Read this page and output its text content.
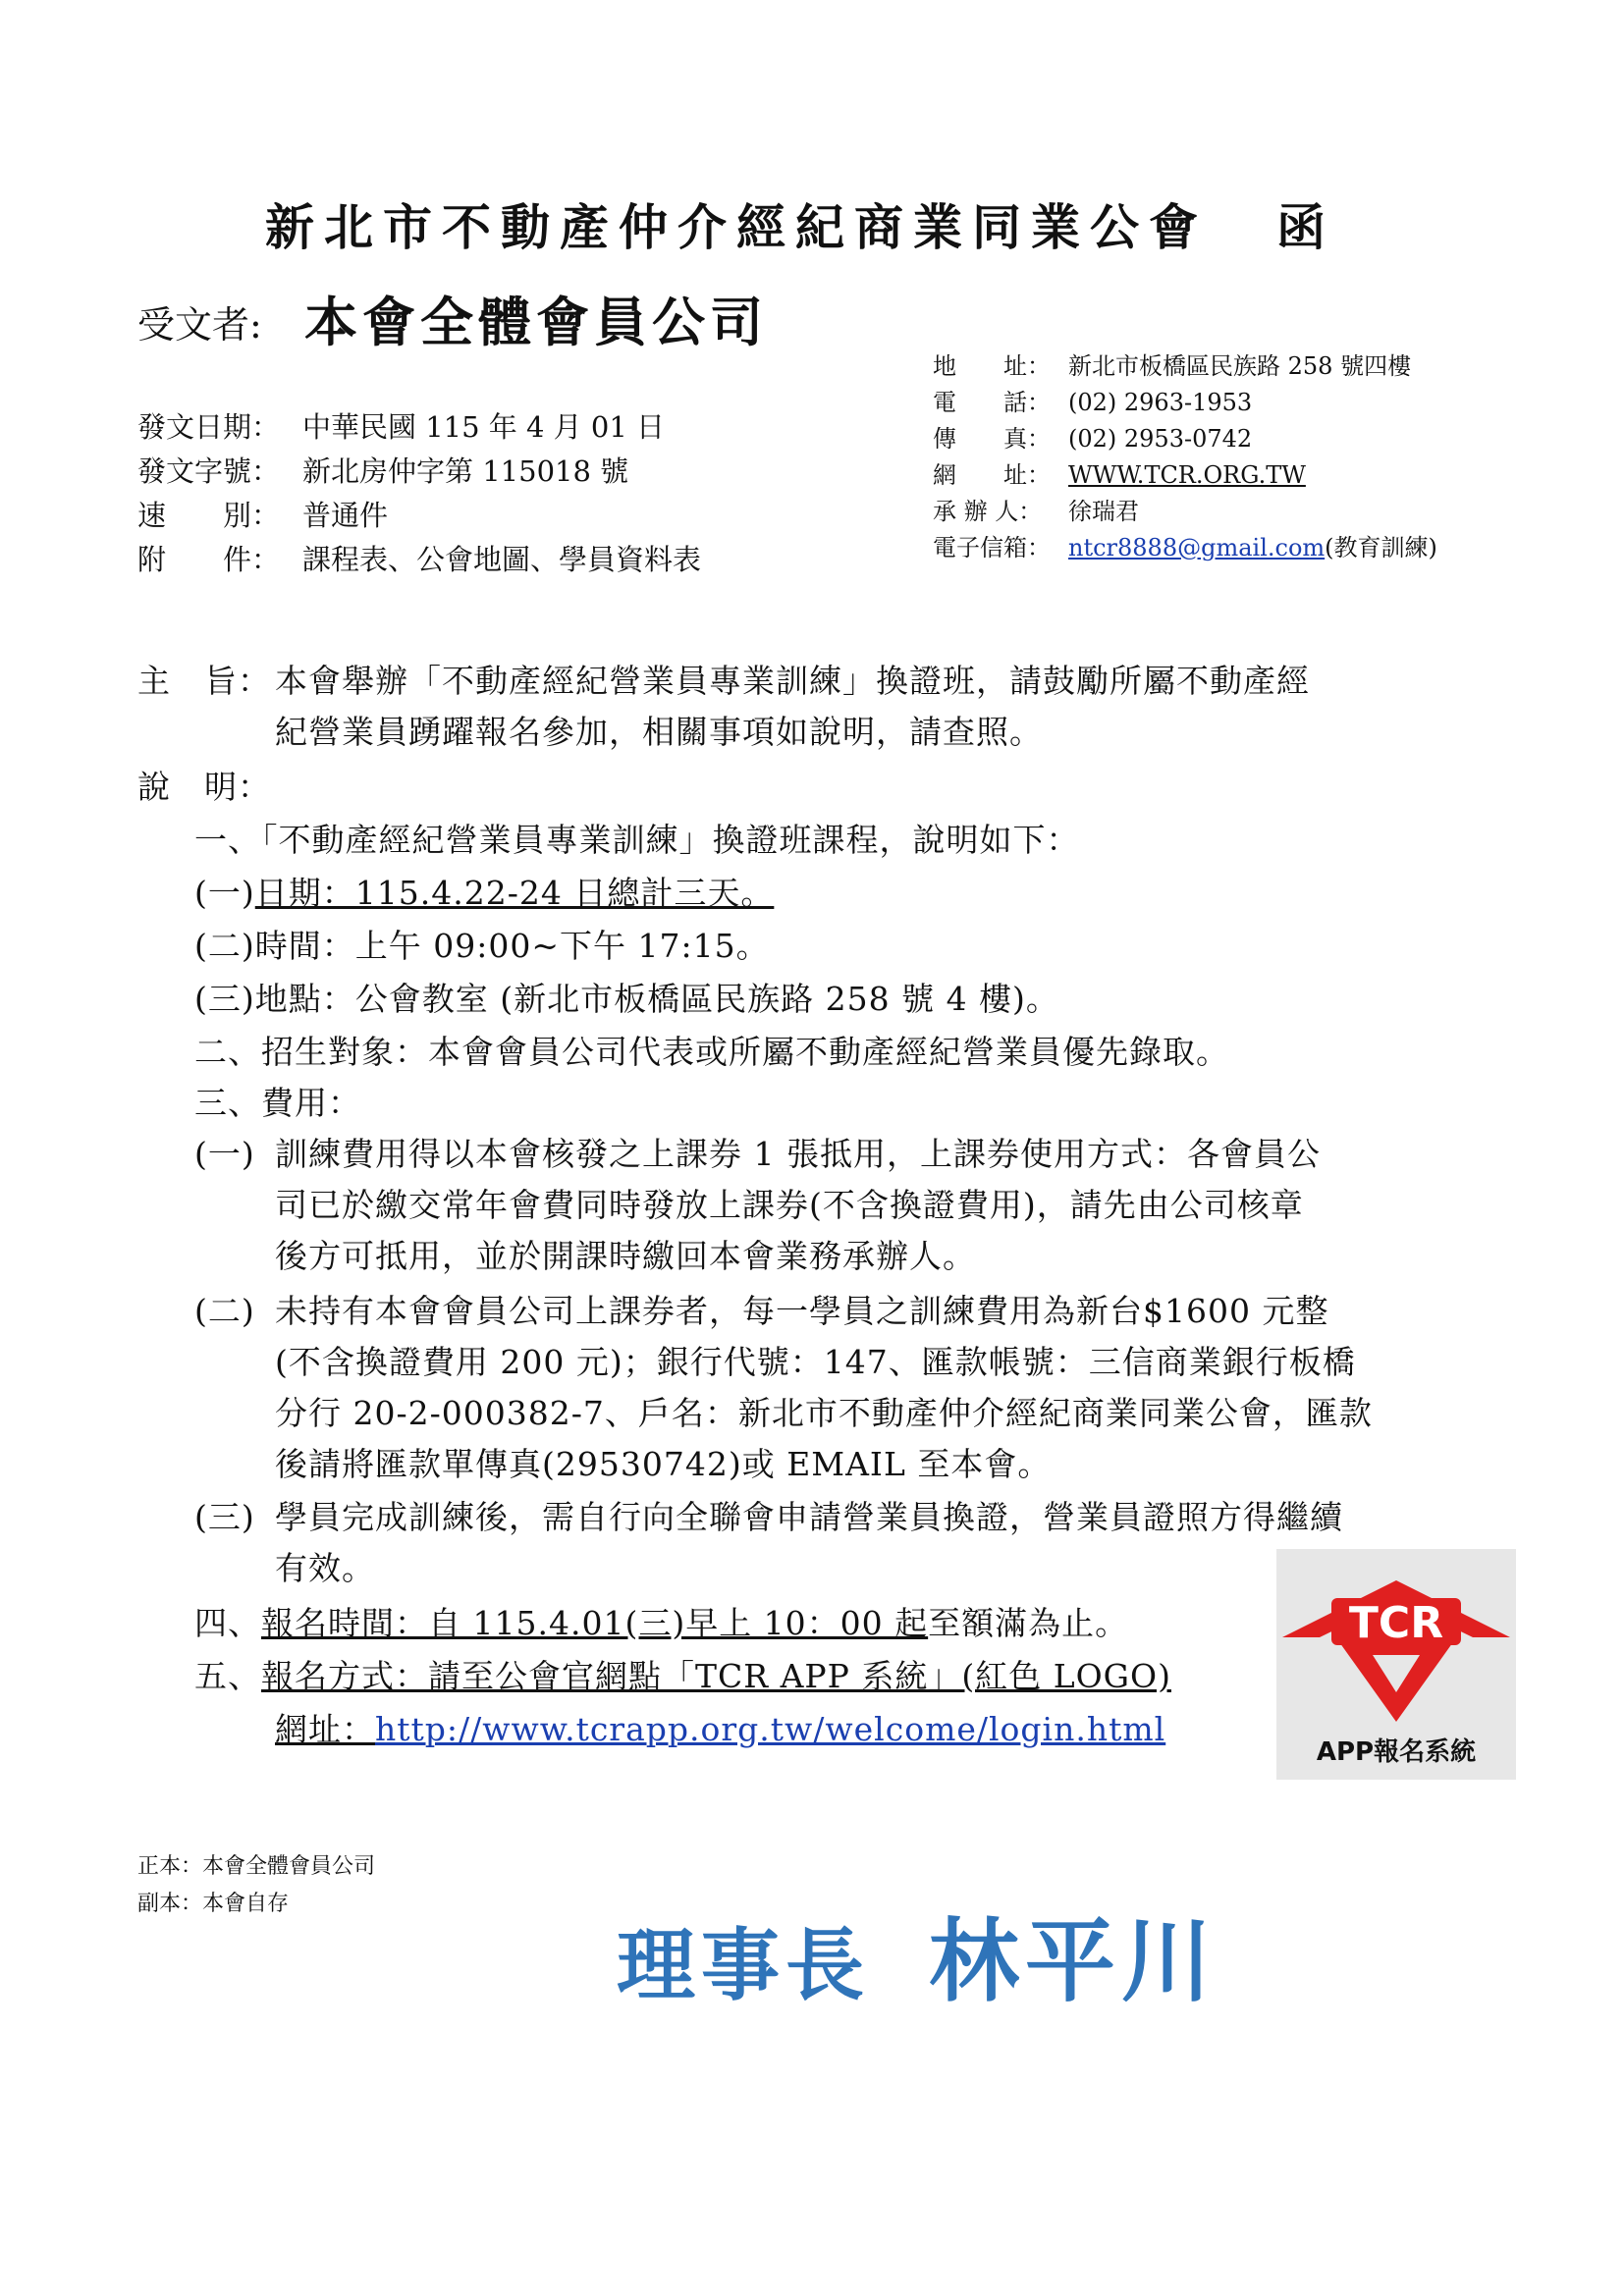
新北市不動產仲介經紀商業同業公會 函
受文者: 本會全體會員公司
地　　址： 新北市板橋區民族路 258 號四樓
電　　話： (02) 2963-1953
傳　　真： (02) 2953-0742
網　　址： WWW.TCR.ORG.TW
承 辦 人： 徐瑞君
電子信箱： ntcr8888@gmail.com(教育訓練)
發文日期： 中華民國 115 年 4 月 01 日
發文字號： 新北房仲字第 115018 號
速　　別： 普通件
附　　件： 課程表、公會地圖、學員資料表
主　旨： 本會舉辦「不動產經紀營業員專業訓練」換證班，請鼓勵所屬不動產經
紀營業員踴躍報名參加，相關事項如說明，請查照。
說　明：
一、「不動產經紀營業員專業訓練」換證班課程，說明如下：
(一)日期：115.4.22-24 日總計三天。
(二)時間：上午 09:00~下午 17:15。
(三)地點：公會教室 (新北市板橋區民族路 258 號 4 樓)。
二、招生對象：本會會員公司代表或所屬不動產經紀營業員優先錄取。
三、費用：
(一) 訓練費用得以本會核發之上課券 1 張抵用，上課券使用方式：各會員公
司已於繳交常年會費同時發放上課券(不含換證費用)，請先由公司核章
後方可抵用，並於開課時繳回本會業務承辦人。
(二) 未持有本會會員公司上課券者，每一學員之訓練費用為新台$1600 元整
(不含換證費用 200 元)；銀行代號：147、匯款帳號：三信商業銀行板橋
分行 20-2-000382-7、戶名：新北市不動產仲介經紀商業同業公會，匯款
後請將匯款單傳真(29530742)或 EMAIL 至本會。
(三) 學員完成訓練後，需自行向全聯會申請營業員換證，營業員證照方得繼續
有效。
四、報名時間：自 115.4.01(三)早上 10：00 起至額滿為止。
五、報名方式：請至公會官網點「TCR APP 系統」(紅色 LOGO)
網址：http://www.tcrapp.org.tw/welcome/login.html
TCR
APP報名系統
正本：本會全體會員公司
副本：本會自存
理事長 林平川
